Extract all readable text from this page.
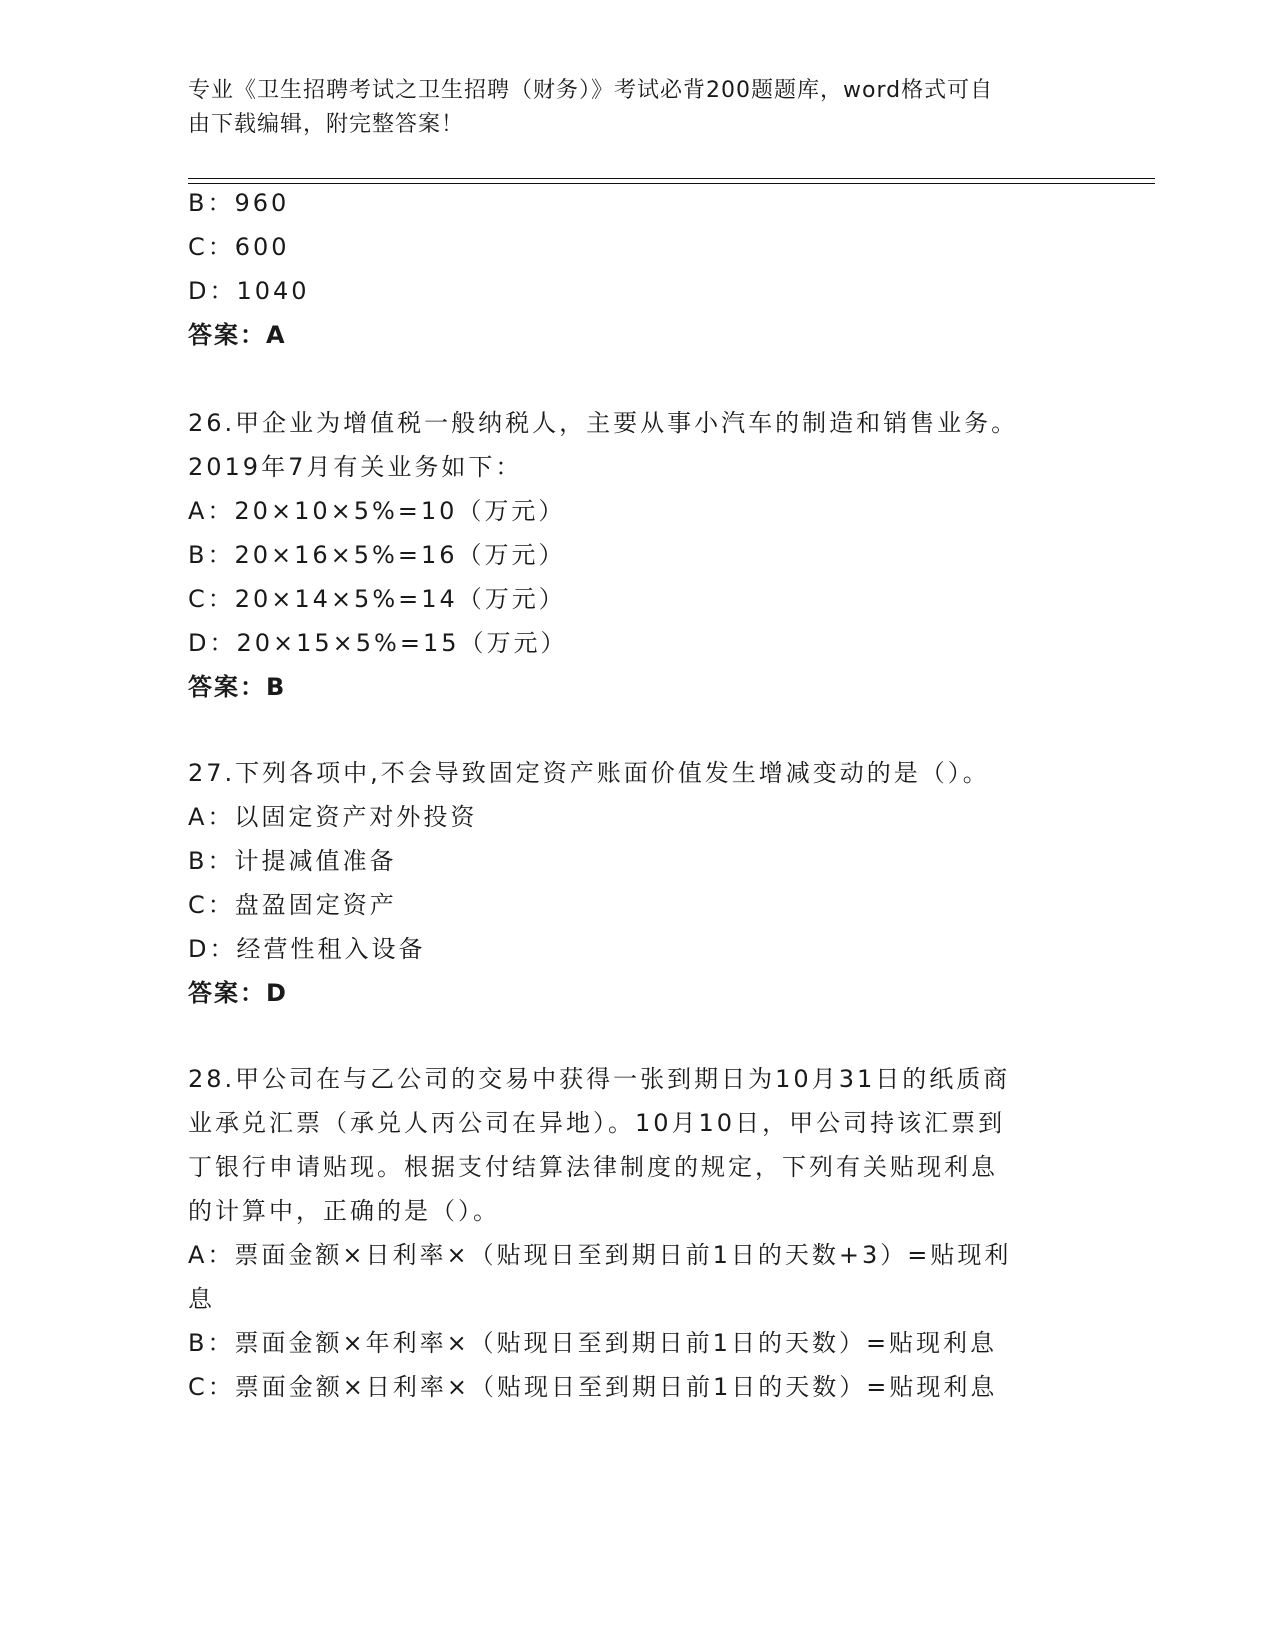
专业《卫生招聘考试之卫生招聘（财务）》考试必背200题题库，word格式可自
由下载编辑，附完整答案！
B：960
C：600
D：1040
答案：A
26.甲企业为增值税一般纳税人，主要从事小汽车的制造和销售业务。
2019年7月有关业务如下：
A：20×10×5%=10（万元）
B：20×16×5%=16（万元）
C：20×14×5%=14（万元）
D：20×15×5%=15（万元）
答案：B
27.下列各项中,不会导致固定资产账面价值发生增减变动的是（）。
A：以固定资产对外投资
B：计提减值准备
C：盘盈固定资产
D：经营性租入设备
答案：D
28.甲公司在与乙公司的交易中获得一张到期日为10月31日的纸质商
业承兑汇票（承兑人丙公司在异地）。10月10日，甲公司持该汇票到
丁银行申请贴现。根据支付结算法律制度的规定，下列有关贴现利息
的计算中，正确的是（）。
A：票面金额×日利率×（贴现日至到期日前1日的天数+3）=贴现利
息
B：票面金额×年利率×（贴现日至到期日前1日的天数）=贴现利息
C：票面金额×日利率×（贴现日至到期日前1日的天数）=贴现利息
